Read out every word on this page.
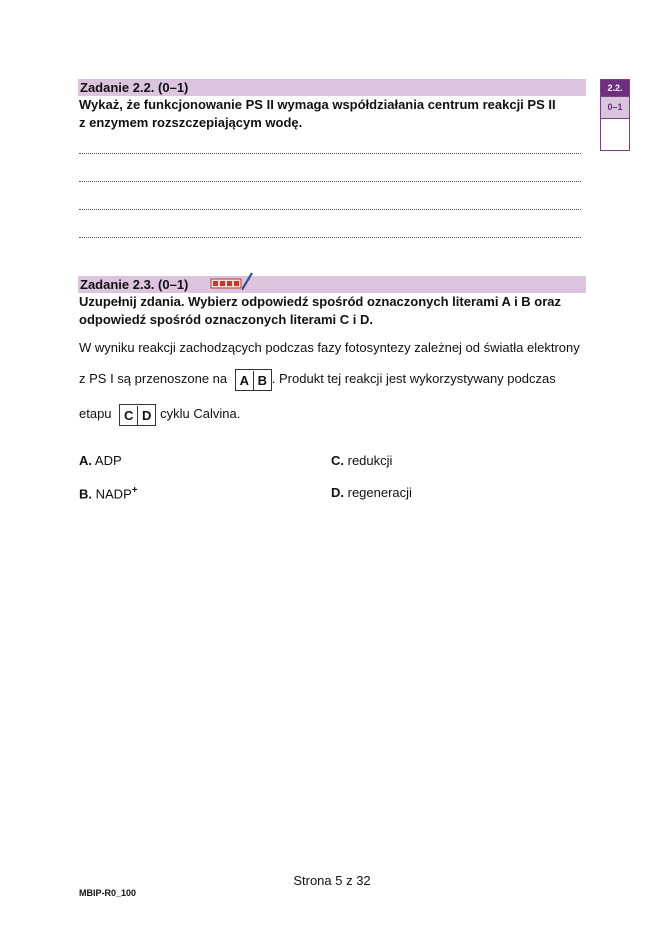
Zadanie 2.2. (0–1)
Wykaż, że funkcjonowanie PS II wymaga współdziałania centrum reakcji PS II
z enzymem rozszczepiającym wodę.
2.2.
0–1
Zadanie 2.3. (0–1)
Uzupełnij zdania. Wybierz odpowiedź spośród oznaczonych literami A i B oraz
odpowiedź spośród oznaczonych literami C i D.
W wyniku reakcji zachodzących podczas fazy fotosyntezy zależnej od światła elektrony
z PS I są przenoszone na A B . Produkt tej reakcji jest wykorzystywany podczas
etapu C D cyklu Calvina.
A. ADP
B. NADP+
C. redukcji
D. regeneracji
Strona 5 z 32
MBIP-R0_100
